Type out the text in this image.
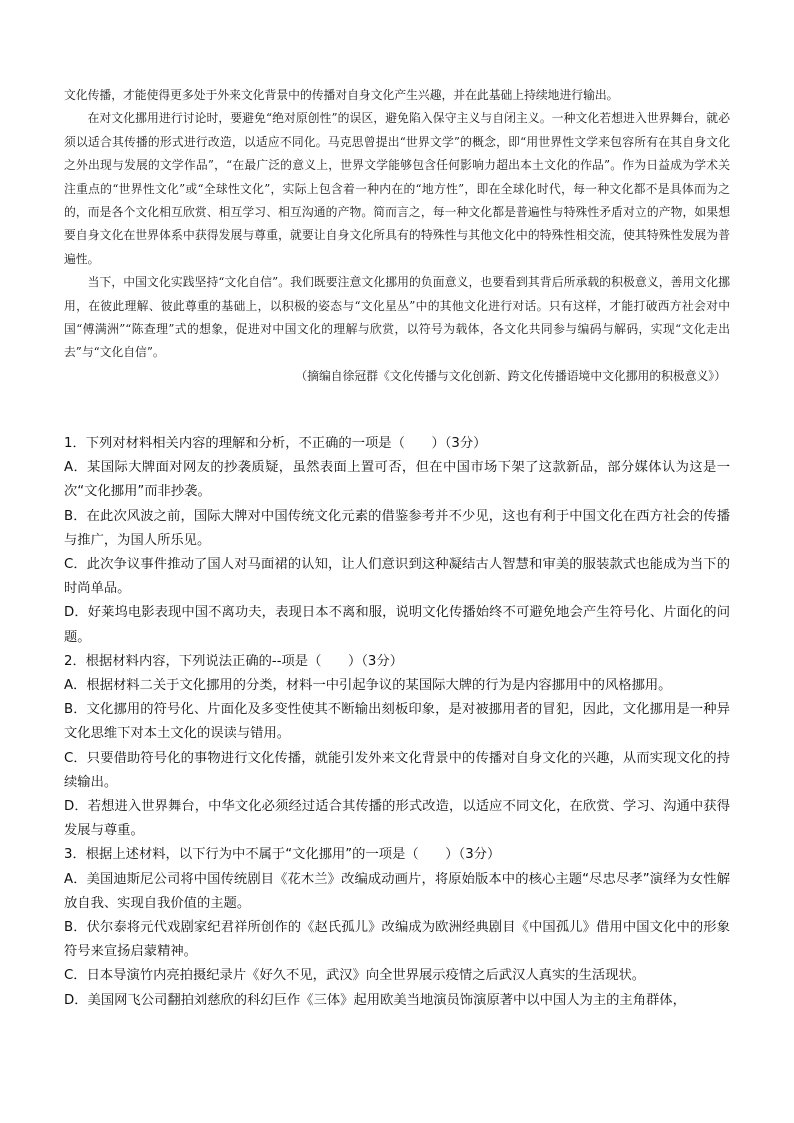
文化传播，才能使得更多处于外来文化背景中的传播对自身文化产生兴趣，并在此基础上持续地进行输出。

在对文化挪用进行讨论时，要避免“绝对原创性”的误区，避免陷入保守主义与自闭主义。一种文化若想进入世界舞台，就必须以适合其传播的形式进行改造，以适应不同化。马克思曾提出“世界文学”的概念，即“用世界性文学来包容所有在其自身文化之外出现与发展的文学作品”，“在最广泛的意义上，世界文学能够包含任何影响力超出本土文化的作品”。作为日益成为学术关注重点的“世界性文化”或“全球性文化”，实际上包含着一种内在的“地方性”，即在全球化时代，每一种文化都不是具体而为之的，而是各个文化相互欣赏、相互学习、相互沟通的产物。简而言之，每一种文化都是普遍性与特殊性矛盾对立的产物，如果想要自身文化在世界体系中获得发展与尊重，就要让自身文化所具有的特殊性与其他文化中的特殊性相交流，使其特殊性发展为普遍性。

当下，中国文化实践坚持“文化自信”。我们既要注意文化挪用的负面意义，也要看到其背后所承载的积极意义，善用文化挪用，在彼此理解、彼此尊重的基础上，以积极的姿态与“文化星丛”中的其他文化进行对话。只有这样，才能打破西方社会对中国“傅满洲”“陈查理”式的想象，促进对中国文化的理解与欣赏，以符号为载体，各文化共同参与编码与解码，实现“文化走出去”与“文化自信”。

（摘编自徐冠群《文化传播与文化创新、跨文化传播语境中文化挪用的积极意义》）

1．下列对材料相关内容的理解和分析，不正确的一项是（　　）（3分）

A．某国际大牌面对网友的抄袭质疑，虽然表面上置可否，但在中国市场下架了这款新品，部分媒体认为这是一次“文化挪用”而非抄袭。

B．在此次风波之前，国际大牌对中国传统文化元素的借鉴参考并不少见，这也有利于中国文化在西方社会的传播与推广，为国人所乐见。

C．此次争议事件推动了国人对马面裙的认知，让人们意识到这种凝结古人智慧和审美的服装款式也能成为当下的时尚单品。

D．好莱坞电影表现中国不离功夫，表现日本不离和服，说明文化传播始终不可避免地会产生符号化、片面化的问题。

2．根据材料内容，下列说法正确的--项是（　　）（3分）

A．根据材料二关于文化挪用的分类，材料一中引起争议的某国际大牌的行为是内容挪用中的风格挪用。

B．文化挪用的符号化、片面化及多变性使其不断输出刻板印象，是对被挪用者的冒犯，因此，文化挪用是一种异文化思维下对本土文化的误读与错用。

C．只要借助符号化的事物进行文化传播，就能引发外来文化背景中的传播对自身文化的兴趣，从而实现文化的持续输出。

D．若想进入世界舞台，中华文化必须经过适合其传播的形式改造，以适应不同文化，在欣赏、学习、沟通中获得发展与尊重。

3．根据上述材料，以下行为中不属于“文化挪用”的一项是（　　）（3分）

A．美国迪斯尼公司将中国传统剧目《花木兰》改编成动画片，将原始版本中的核心主题“尽忠尽孝”演绎为女性解放自我、实现自我价值的主题。

B．伏尔泰将元代戏剧家纪君祥所创作的《赵氏孤儿》改编成为欧洲经典剧目《中国孤儿》借用中国文化中的形象符号来宣扬启蒙精神。

C．日本导演竹内亮拍摄纪录片《好久不见，武汉》向全世界展示疫情之后武汉人真实的生活现状。

D．美国网飞公司翻拍刘慈欣的科幻巨作《三体》起用欧美当地演员饰演原著中以中国人为主的主角群体，
